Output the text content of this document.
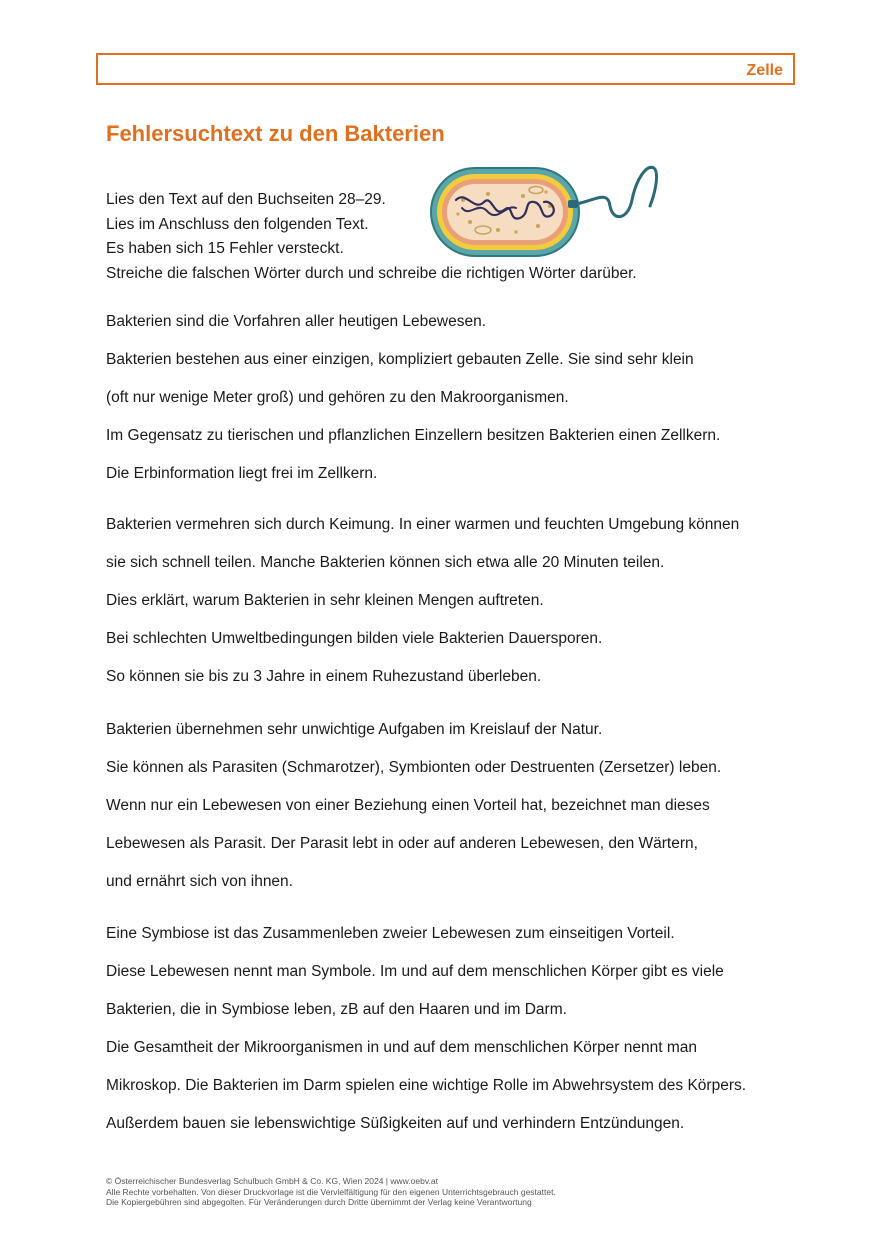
Zelle
Fehlersuchtext zu den Bakterien
Lies den Text auf den Buchseiten 28–29.
Lies im Anschluss den folgenden Text.
Es haben sich 15 Fehler versteckt.
Streiche die falschen Wörter durch und schreibe die richtigen Wörter darüber.
Bakterien sind die Vorfahren aller heutigen Lebewesen.
Bakterien bestehen aus einer einzigen, kompliziert gebauten Zelle. Sie sind sehr klein
(oft nur wenige Meter groß) und gehören zu den Makroorganismen.
Im Gegensatz zu tierischen und pflanzlichen Einzellern besitzen Bakterien einen Zellkern.
Die Erbinformation liegt frei im Zellkern.
Bakterien vermehren sich durch Keimung. In einer warmen und feuchten Umgebung können
sie sich schnell teilen. Manche Bakterien können sich etwa alle 20 Minuten teilen.
Dies erklärt, warum Bakterien in sehr kleinen Mengen auftreten.
Bei schlechten Umweltbedingungen bilden viele Bakterien Dauersporen.
So können sie bis zu 3 Jahre in einem Ruhezustand überleben.
Bakterien übernehmen sehr unwichtige Aufgaben im Kreislauf der Natur.
Sie können als Parasiten (Schmarotzer), Symbionten oder Destruenten (Zersetzer) leben.
Wenn nur ein Lebewesen von einer Beziehung einen Vorteil hat, bezeichnet man dieses
Lebewesen als Parasit. Der Parasit lebt in oder auf anderen Lebewesen, den Wärtern,
und ernährt sich von ihnen.
Eine Symbiose ist das Zusammenleben zweier Lebewesen zum einseitigen Vorteil.
Diese Lebewesen nennt man Symbole. Im und auf dem menschlichen Körper gibt es viele
Bakterien, die in Symbiose leben, zB auf den Haaren und im Darm.
Die Gesamtheit der Mikroorganismen in und auf dem menschlichen Körper nennt man
Mikroskop. Die Bakterien im Darm spielen eine wichtige Rolle im Abwehrsystem des Körpers.
Außerdem bauen sie lebenswichtige Süßigkeiten auf und verhindern Entzündungen.
© Österreichischer Bundesverlag Schulbuch GmbH & Co. KG, Wien 2024 | www.oebv.at
Alle Rechte vorbehalten. Von dieser Druckvorlage ist die Vervielfältigung für den eigenen Unterrichtsgebrauch gestattet.
Die Kopiergebühren sind abgegolten. Für Veränderungen durch Dritte übernimmt der Verlag keine Verantwortung
